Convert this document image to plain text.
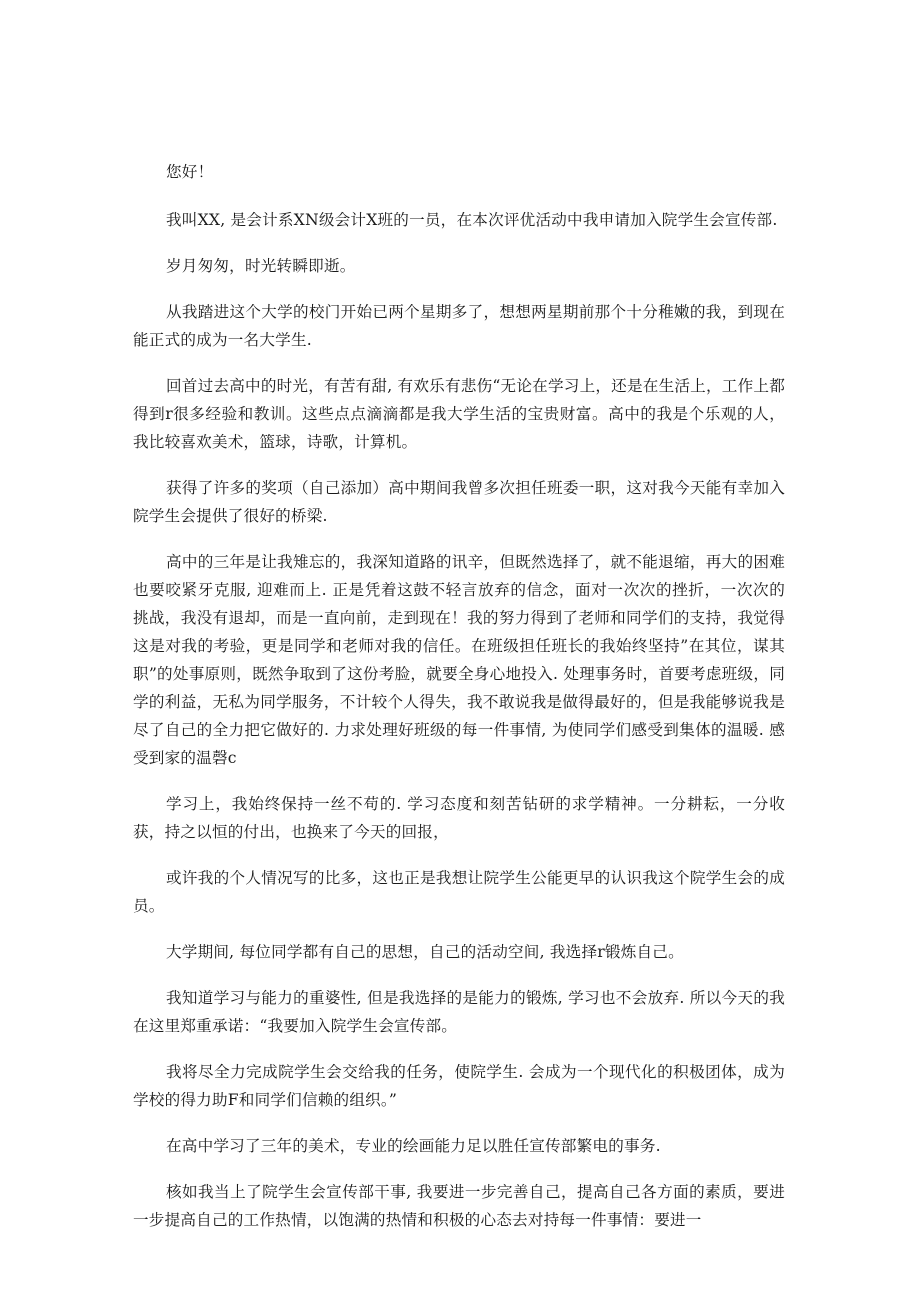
您好！

我叫XX, 是会计系XN级会计X班的一员，在本次评优活动中我申请加入院学生会宣传部.

岁月匆匆，时光转瞬即逝。

从我踏进这个大学的校门开始已两个星期多了，想想两星期前那个十分稚嫩的我，到现在能正式的成为一名大学生.

回首过去高中的时光，有苦有甜, 有欢乐有悲伤“无论在学习上，还是在生活上，工作上都得到r很多经验和教训。这些点点滴滴都是我大学生活的宝贵财富。高中的我是个乐观的人，我比较喜欢美术，篮球，诗歌，计算机。

获得了许多的奖项（自己添加）高中期间我曾多次担任班委一职，这对我今天能有幸加入院学生会提供了很好的桥梁.

高中的三年是让我雉忘的，我深知道路的讯辛，但既然选择了，就不能退缩，再大的困难也要咬紧牙克服, 迎难而上. 正是凭着这鼓不轻言放弃的信念，面对一次次的挫折，一次次的挑战，我没有退却，而是一直向前，走到现在！我的努力得到了老师和同学们的支持，我觉得这是对我的考验，更是同学和老师对我的信任。在班级担任班长的我始终坚持”在其位，谋其职”的处事原则，既然争取到了这份考脸，就要全身心地投入. 处理事务时，首要考虑班级，同学的利益，无私为同学服务，不计较个人得失，我不敢说我是做得最好的，但是我能够说我是尽了自己的全力把它做好的. 力求处理好班级的每一件事情, 为使同学们感受到集体的温暖. 感受到家的温磬c

学习上，我始终保持一丝不苟的. 学习态度和刻苦钻研的求学精神。一分耕耘，一分收获，持之以恒的付出，也换来了今天的回报，

或许我的个人情况写的比多，这也正是我想让院学生公能更早的认识我这个院学生会的成员。

大学期间, 每位同学都有自己的思想，自己的活动空间, 我选择r锻炼自己。

我知道学习与能力的重婆性, 但是我选择的是能力的锻炼, 学习也不会放弃. 所以今天的我在这里郑重承诺：“我要加入院学生会宣传部。

我将尽全力完成院学生会交给我的任务，使院学生. 会成为一个现代化的积极团体，成为学校的得力助F和同学们信赖的组织。”

在高中学习了三年的美术，专业的绘画能力足以胜任宣传部繁电的事务.

核如我当上了院学生会宣传部干事, 我要进一步完善自己，提高自己各方面的素质，要进一步提高自己的工作热情，以饱满的热情和积极的心态去对持每一件事情：要进一
